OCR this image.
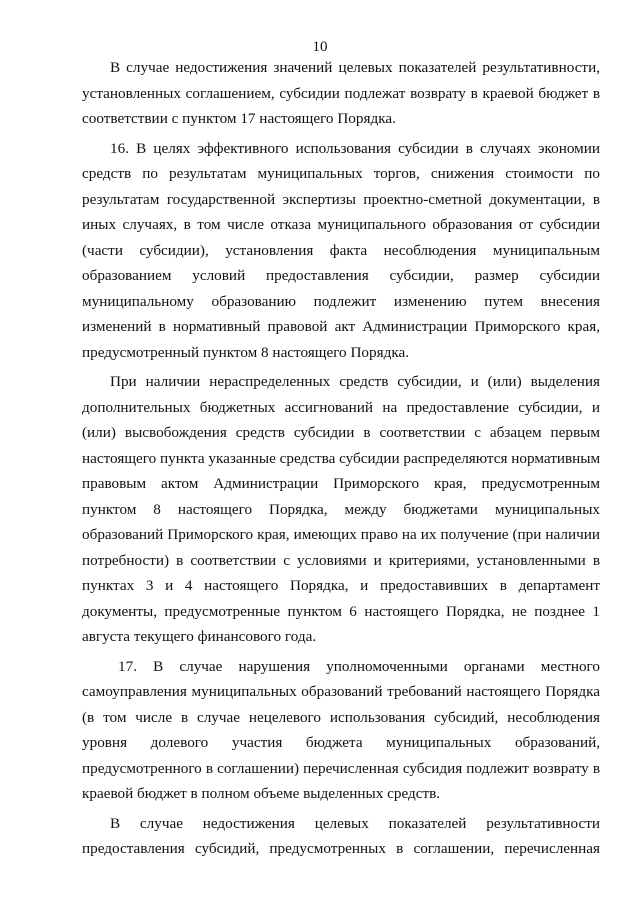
10
В случае недостижения значений целевых показателей результативности,
установленных соглашением, субсидии подлежат возврату в краевой бюджет в
соответствии с пунктом 17 настоящего Порядка.
16. В целях эффективного использования субсидии в случаях экономии
средств по результатам муниципальных торгов, снижения стоимости по
результатам государственной экспертизы проектно-сметной документации, в
иных случаях, в том числе отказа муниципального образования от субсидии
(части субсидии), установления факта несоблюдения муниципальным
образованием условий предоставления субсидии, размер субсидии
муниципальному образованию подлежит изменению путем внесения
изменений в нормативный правовой акт Администрации Приморского края,
предусмотренный пунктом 8 настоящего Порядка.
При наличии нераспределенных средств субсидии, и (или) выделения
дополнительных бюджетных ассигнований на предоставление субсидии, и
(или) высвобождения средств субсидии в соответствии с абзацем первым
настоящего пункта указанные средства субсидии распределяются нормативным
правовым актом Администрации Приморского края, предусмотренным
пунктом 8 настоящего Порядка, между бюджетами муниципальных
образований Приморского края, имеющих право на их получение (при наличии
потребности) в соответствии с условиями и критериями, установленными в
пунктах 3 и 4 настоящего Порядка, и предоставивших в департамент
документы, предусмотренные пунктом 6 настоящего Порядка, не позднее 1
августа текущего финансового года.
17. В случае нарушения уполномоченными органами местного
самоуправления муниципальных образований требований настоящего Порядка
(в том числе в случае нецелевого использования субсидий, несоблюдения
уровня долевого участия бюджета муниципальных образований,
предусмотренного в соглашении) перечисленная субсидия подлежит возврату в
краевой бюджет в полном объеме выделенных средств.
В случае недостижения целевых показателей результативности
предоставления субсидий, предусмотренных в соглашении, перечисленная
